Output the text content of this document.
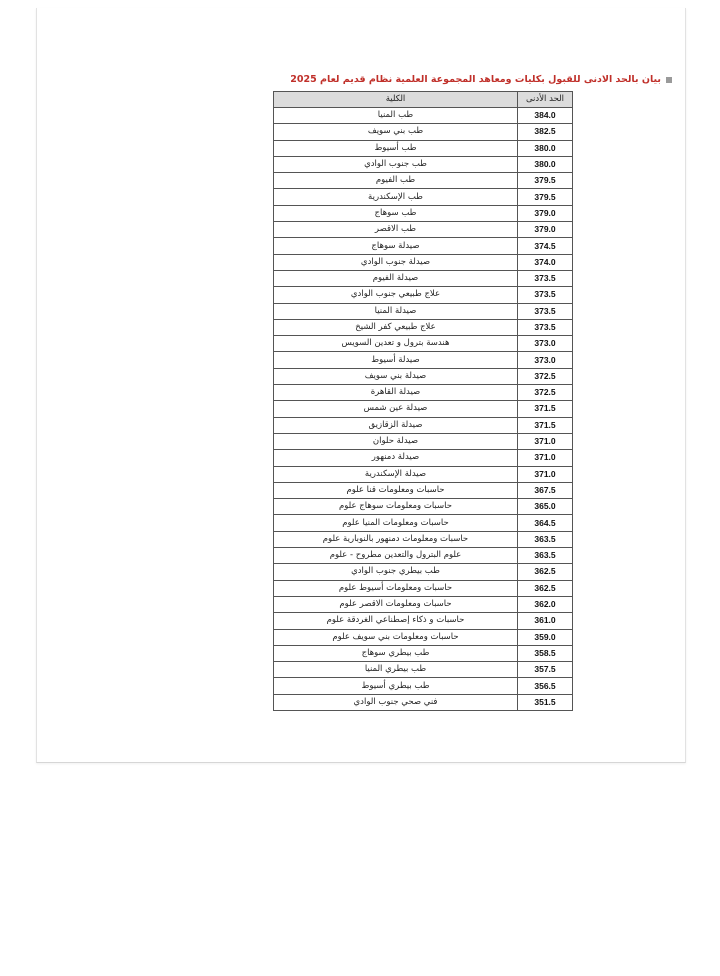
بيان بالحد الادنى للقبول بكليات ومعاهد المجموعة العلمية نظام قديم لعام 2025
الحد الأدنى	الكلية
384.0	طب المنيا
382.5	طب بني سويف
380.0	طب أسيوط
380.0	طب جنوب الوادي
379.5	طب الفيوم
379.5	طب الإسكندرية
379.0	طب سوهاج
379.0	طب الاقصر
374.5	صيدلة سوهاج
374.0	صيدلة جنوب الوادي
373.5	صيدلة الفيوم
373.5	علاج طبيعي جنوب الوادي
373.5	صيدلة المنيا
373.5	علاج طبيعي كفر الشيخ
373.0	هندسة بترول و تعدين السويس
373.0	صيدلة أسيوط
372.5	صيدلة بني سويف
372.5	صيدلة القاهرة
371.5	صيدلة عين شمس
371.5	صيدلة الزقازيق
371.0	صيدلة حلوان
371.0	صيدلة دمنهور
371.0	صيدلة الإسكندرية
367.5	حاسبات ومعلومات قنا علوم
365.0	حاسبات ومعلومات سوهاج علوم
364.5	حاسبات ومعلومات المنيا علوم
363.5	حاسبات ومعلومات دمنهور بالنوبارية علوم
363.5	علوم البترول والتعدين مطروح - علوم
362.5	طب بيطري جنوب الوادي
362.5	حاسبات ومعلومات أسيوط علوم
362.0	حاسبات ومعلومات الاقصر علوم
361.0	حاسبات و ذكاء إصطناعي الغردقة علوم
359.0	حاسبات ومعلومات بني سويف علوم
358.5	طب بيطري سوهاج
357.5	طب بيطري المنيا
356.5	طب بيطري أسيوط
351.5	فني صحي جنوب الوادي
